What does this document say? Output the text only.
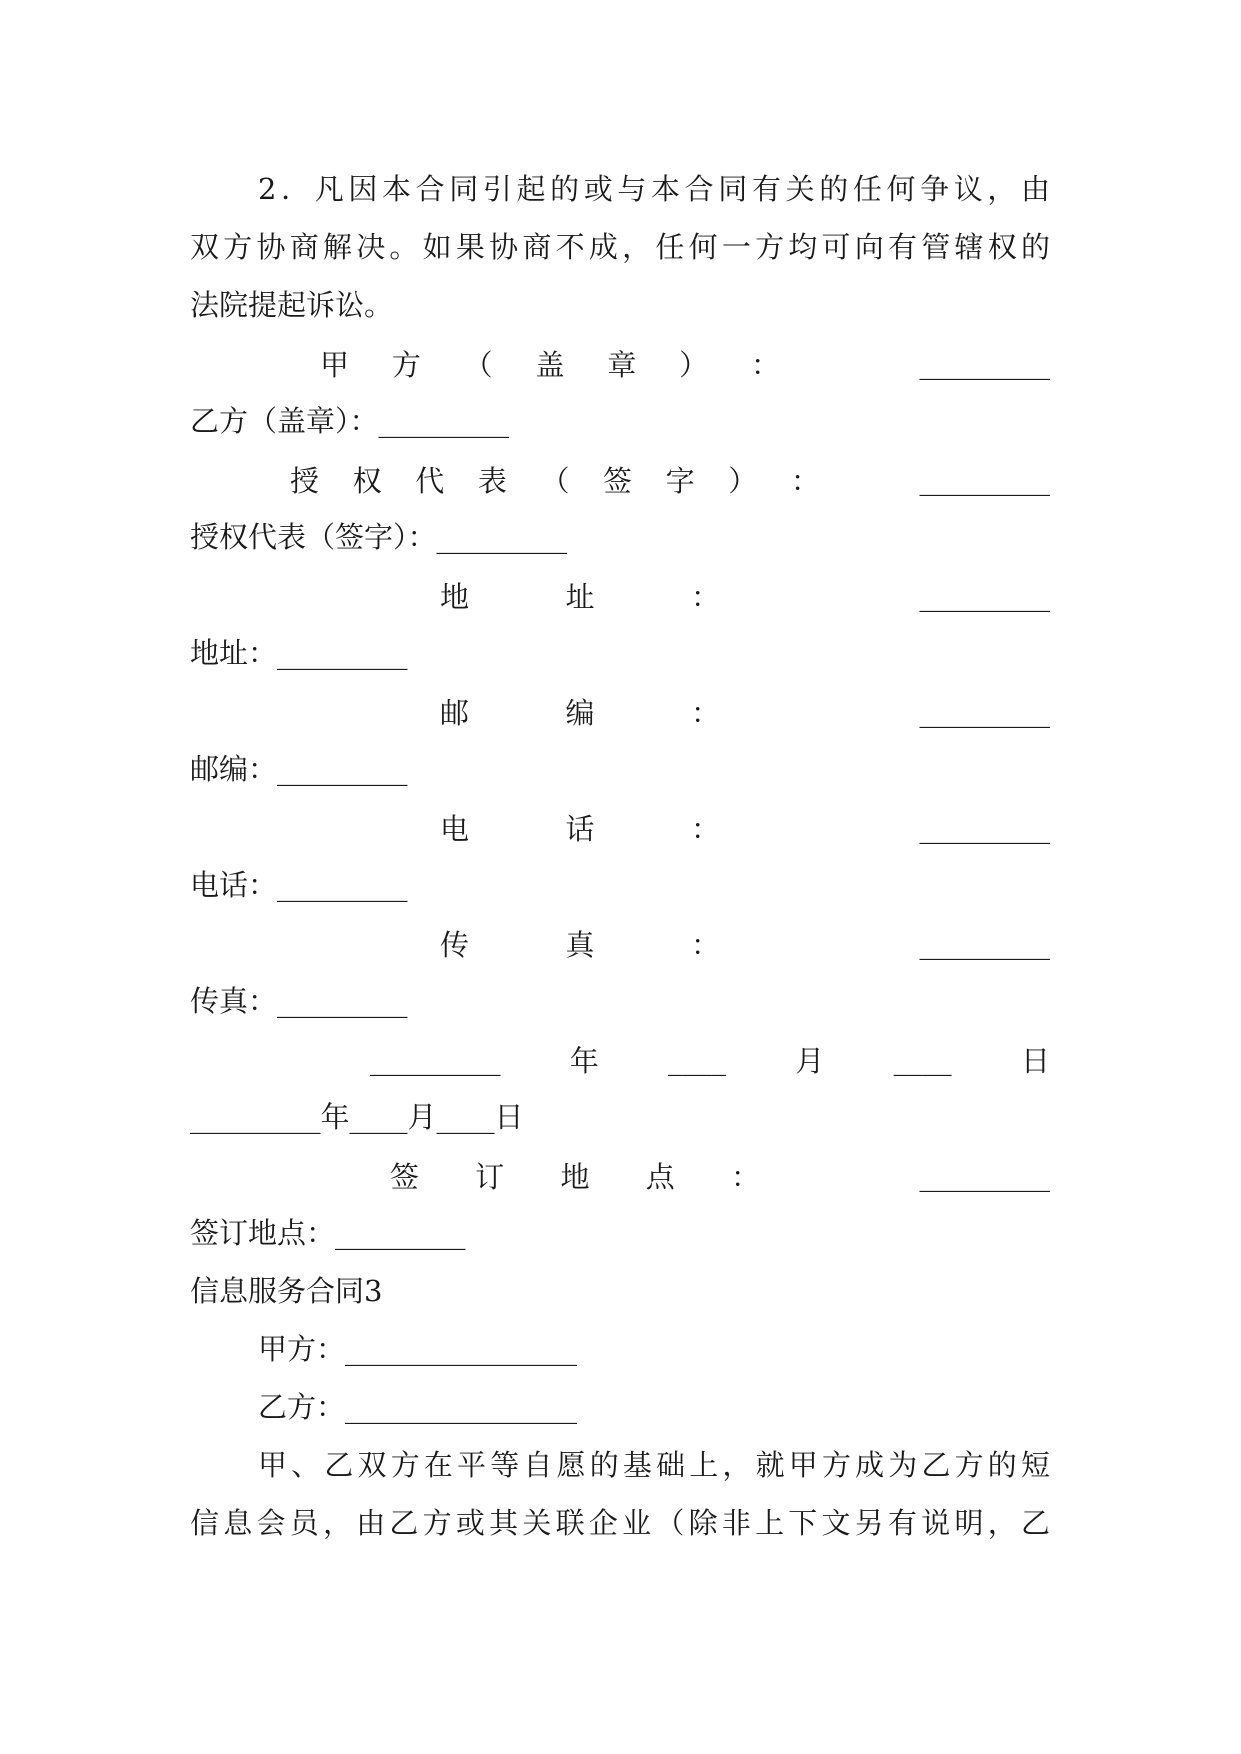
2．凡因本合同引起的或与本合同有关的任何争议，由
双方协商解决。如果协商不成，任何一方均可向有管辖权的
法院提起诉讼。
甲 方 （ 盖 章 ） ：	_________
乙方（盖章）：_________
授 权 代 表 （ 签 字 ） ：	_________
授权代表（签字）：_________
地	址	：	_________
地址：_________
邮	编	：	_________
邮编：_________
电	话	：	_________
电话：_________
传	真	：	_________
传真：_________
_________ 年 ____ 月 ____ 日
_________年____月____日
签 订 地 点 ：	_________
签订地点：_________
信息服务合同3
甲方：________________
乙方：________________
甲、乙双方在平等自愿的基础上，就甲方成为乙方的短
信息会员，由乙方或其关联企业（除非上下文另有说明，乙
